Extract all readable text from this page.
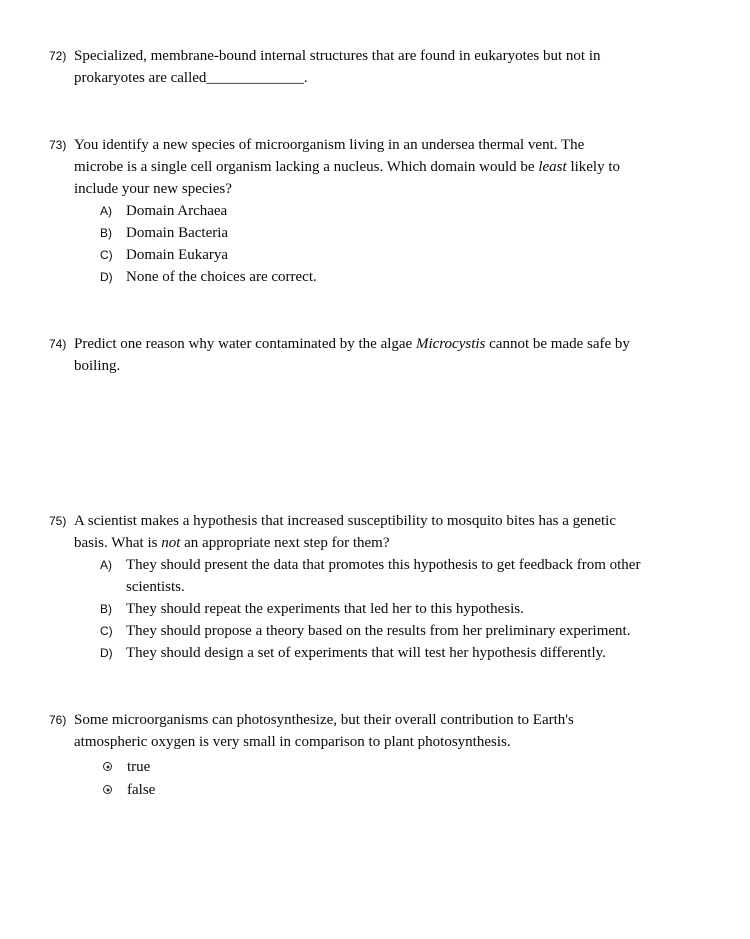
72) Specialized, membrane-bound internal structures that are found in eukaryotes but not in
prokaryotes are called_____________.
73) You identify a new species of microorganism living in an undersea thermal vent. The
microbe is a single cell organism lacking a nucleus. Which domain would be least likely to
include your new species?
A) Domain Archaea
B) Domain Bacteria
C) Domain Eukarya
D) None of the choices are correct.
74) Predict one reason why water contaminated by the algae Microcystis cannot be made safe by
boiling.
75) A scientist makes a hypothesis that increased susceptibility to mosquito bites has a genetic
basis. What is not an appropriate next step for them?
A) They should present the data that promotes this hypothesis to get feedback from other
scientists.
B) They should repeat the experiments that led her to this hypothesis.
C) They should propose a theory based on the results from her preliminary experiment.
D) They should design a set of experiments that will test her hypothesis differently.
76) Some microorganisms can photosynthesize, but their overall contribution to Earth's
atmospheric oxygen is very small in comparison to plant photosynthesis.
true
false
